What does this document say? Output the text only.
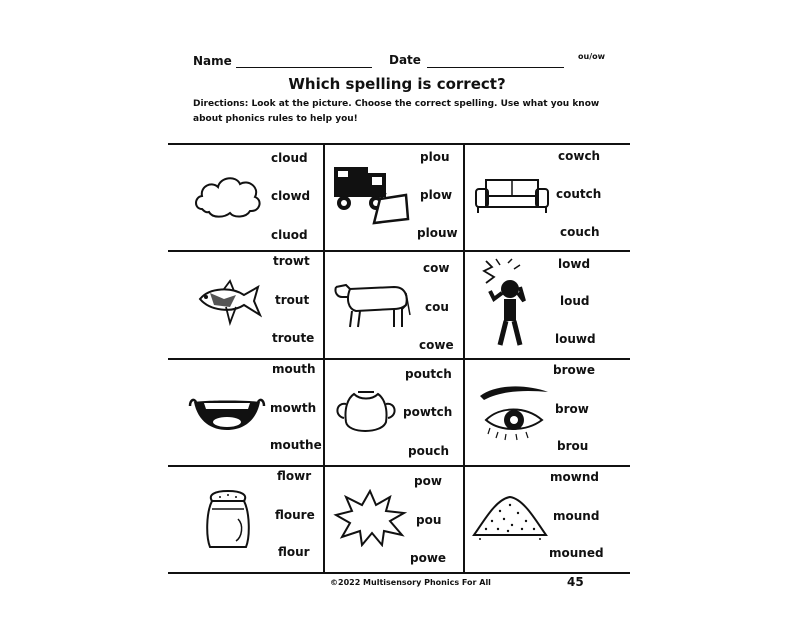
Name	Date	ou/ow
Which spelling is correct?
Directions: Look at the picture. Choose the correct spelling. Use what you know about phonics rules to help you!
cloud
clowd
cluod
plou
plow
plouw
cowch
coutch
couch
trowt
trout
troute
cow
cou
cowe
lowd
loud
louwd
mouth
mowth
mouthe
poutch
powtch
pouch
browe
brow
brou
flowr
floure
flour
pow
pou
powe
mownd
mound
mouned
©2022 Multisensory Phonics For All	45
